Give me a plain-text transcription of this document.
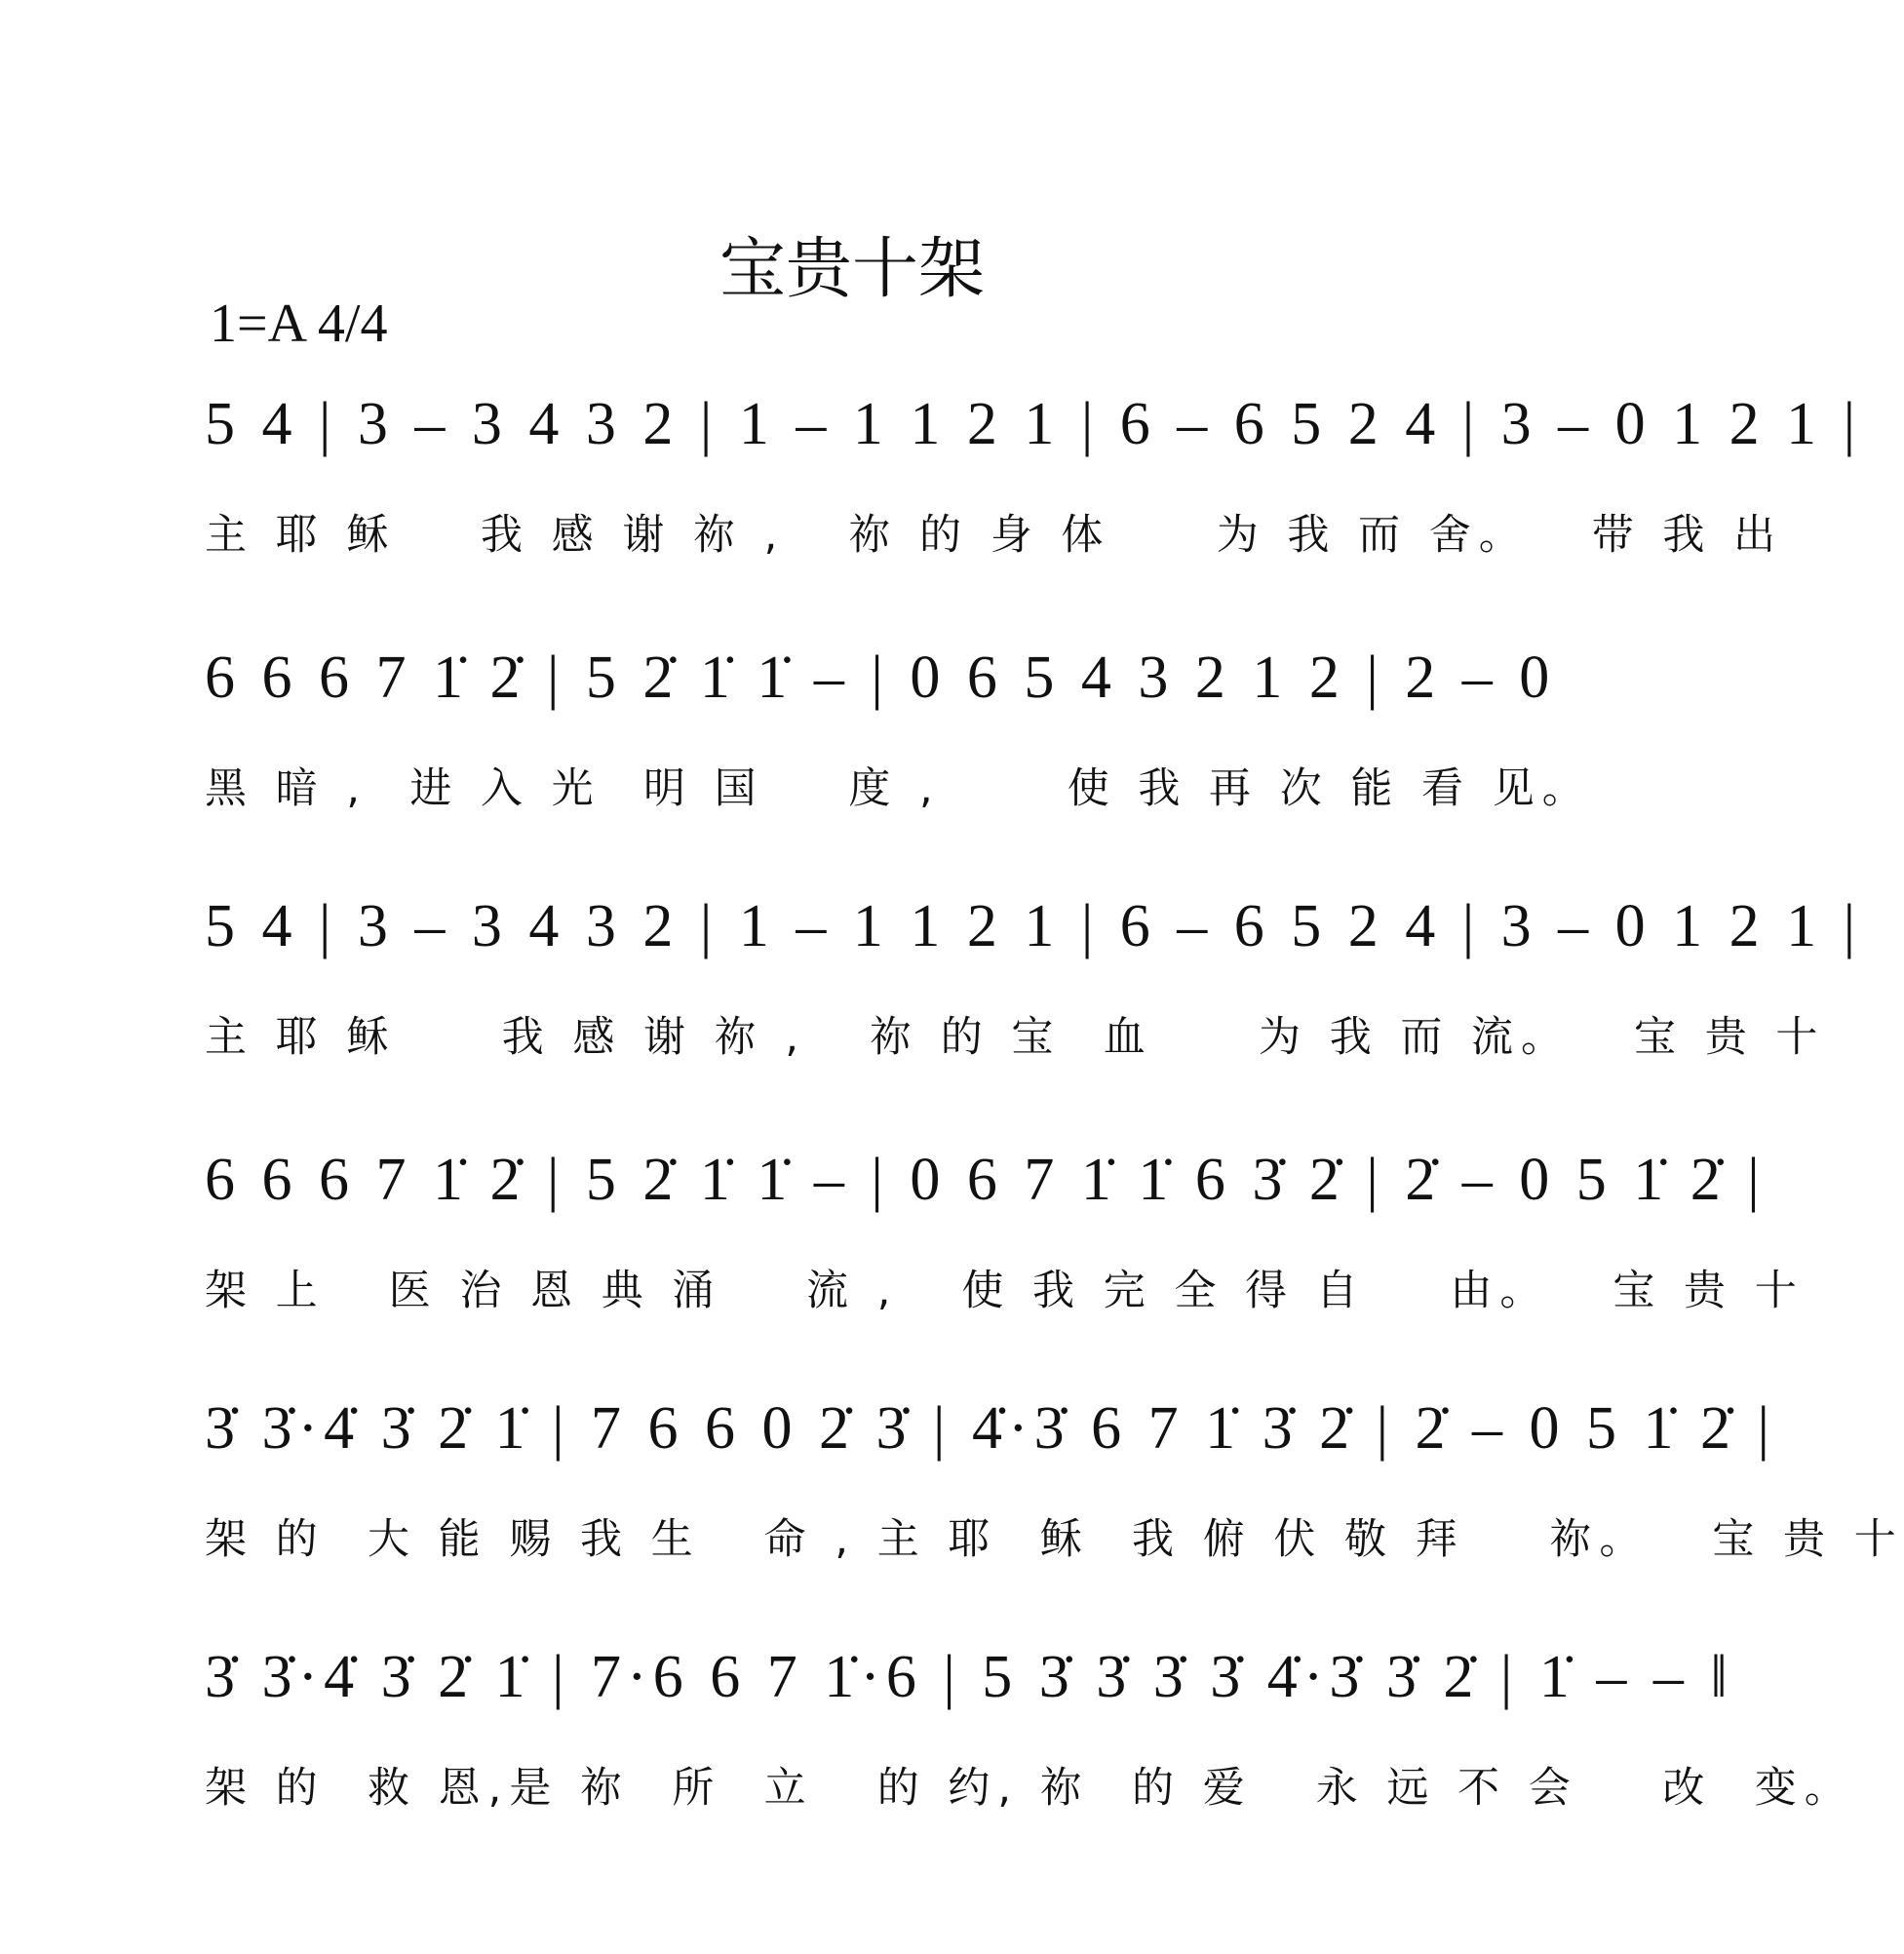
宝贵十架
1=A 4/4
5 4 | 3 – 3 4 3 2 | 1 – 1 1 2 1 | 6 – 6 5 2 4 | 3 – 0 1 2 1 |
主 耶 稣    我 感 谢 祢 ,   祢 的 身 体     为 我 而 舍。   带 我 出
6 6 6 7 1̇ 2̇ | 5 2̇ 1̇ 1̇ – | 0 6 5 4 3 2 1 2 | 2 – 0
黑 暗 ,  进 入 光  明 国    度 ,      使 我 再 次 能 看 见。
5 4 | 3 – 3 4 3 2 | 1 – 1 1 2 1 | 6 – 6 5 2 4 | 3 – 0 1 2 1 |
主 耶 稣     我 感 谢 祢 ,   祢 的 宝  血     为 我 而 流。   宝 贵 十
6 6 6 7 1̇ 2̇ | 5 2̇ 1̇ 1̇ – | 0 6 7 1̇ 1̇ 6 3̇ 2̇ | 2̇ – 0 5 1̇ 2̇ |
架 上   医 治 恩 典 涌    流 ,   使 我 完 全 得 自    由。   宝 贵 十
3̇ 3̇·4̇ 3̇ 2̇ 1̇ | 7 6 6 0 2̇ 3̇ | 4̇·3̇ 6 7 1̇ 3̇ 2̇ | 2̇ – 0 5 1̇ 2̇ |
架 的  大 能 赐 我 生   命 , 主 耶  稣  我 俯 伏 敬 拜    祢。   宝 贵 十
3̇ 3̇·4̇ 3̇ 2̇ 1̇ | 7·6 6 7 1̇·6 | 5 3̇ 3̇ 3̇ 3̇ 4̇·3̇ 3̇ 2̇ | 1̇ – – ‖
架 的  救 恩,是 祢  所  立   的 约, 祢  的 爱   永 远 不 会    改  变。
